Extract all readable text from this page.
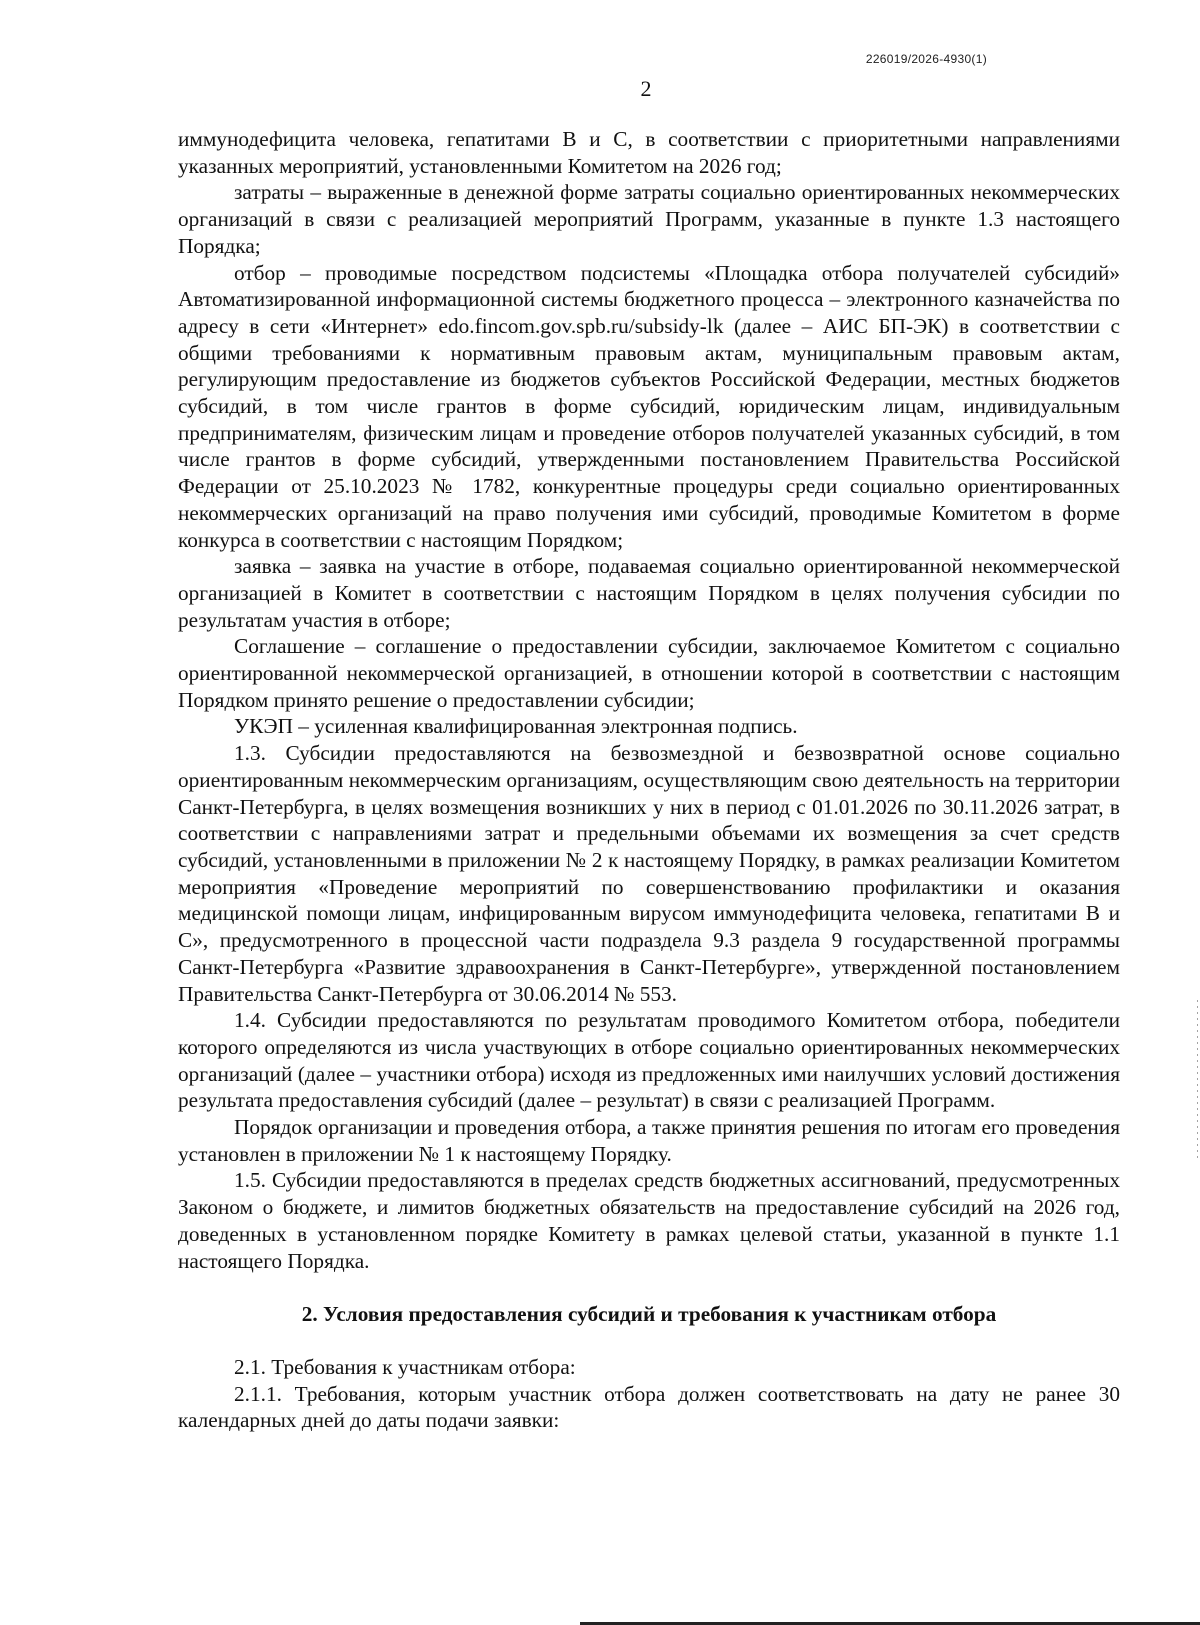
226019/2026-4930(1)
2

иммунодефицита человека, гепатитами В и С, в соответствии с приоритетными направлениями указанных мероприятий, установленными Комитетом на 2026 год;

затраты – выраженные в денежной форме затраты социально ориентированных некоммерческих организаций в связи с реализацией мероприятий Программ, указанные в пункте 1.3 настоящего Порядка;

отбор – проводимые посредством подсистемы «Площадка отбора получателей субсидий» Автоматизированной информационной системы бюджетного процесса – электронного казначейства по адресу в сети «Интернет» edo.fincom.gov.spb.ru/subsidy-lk (далее – АИС БП-ЭК) в соответствии с общими требованиями к нормативным правовым актам, муниципальным правовым актам, регулирующим предоставление из бюджетов субъектов Российской Федерации, местных бюджетов субсидий, в том числе грантов в форме субсидий, юридическим лицам, индивидуальным предпринимателям, физическим лицам и проведение отборов получателей указанных субсидий, в том числе грантов в форме субсидий, утвержденными постановлением Правительства Российской Федерации от 25.10.2023 № 1782, конкурентные процедуры среди социально ориентированных некоммерческих организаций на право получения ими субсидий, проводимые Комитетом в форме конкурса в соответствии с настоящим Порядком;

заявка – заявка на участие в отборе, подаваемая социально ориентированной некоммерческой организацией в Комитет в соответствии с настоящим Порядком в целях получения субсидии по результатам участия в отборе;

Соглашение – соглашение о предоставлении субсидии, заключаемое Комитетом с социально ориентированной некоммерческой организацией, в отношении которой в соответствии с настоящим Порядком принято решение о предоставлении субсидии;

УКЭП – усиленная квалифицированная электронная подпись.

1.3. Субсидии предоставляются на безвозмездной и безвозвратной основе социально ориентированным некоммерческим организациям, осуществляющим свою деятельность на территории Санкт-Петербурга, в целях возмещения возникших у них в период с 01.01.2026 по 30.11.2026 затрат, в соответствии с направлениями затрат и предельными объемами их возмещения за счет средств субсидий, установленными в приложении № 2 к настоящему Порядку, в рамках реализации Комитетом мероприятия «Проведение мероприятий по совершенствованию профилактики и оказания медицинской помощи лицам, инфицированным вирусом иммунодефицита человека, гепатитами В и С», предусмотренного в процессной части подраздела 9.3 раздела 9 государственной программы Санкт-Петербурга «Развитие здравоохранения в Санкт-Петербурге», утвержденной постановлением Правительства Санкт-Петербурга от 30.06.2014 № 553.

1.4. Субсидии предоставляются по результатам проводимого Комитетом отбора, победители которого определяются из числа участвующих в отборе социально ориентированных некоммерческих организаций (далее – участники отбора) исходя из предложенных ими наилучших условий достижения результата предоставления субсидий (далее – результат) в связи с реализацией Программ.

Порядок организации и проведения отбора, а также принятия решения по итогам его проведения установлен в приложении № 1 к настоящему Порядку.

1.5. Субсидии предоставляются в пределах средств бюджетных ассигнований, предусмотренных Законом о бюджете, и лимитов бюджетных обязательств на предоставление субсидий на 2026 год, доведенных в установленном порядке Комитету в рамках целевой статьи, указанной в пункте 1.1 настоящего Порядка.

2. Условия предоставления субсидий и требования к участникам отбора

2.1. Требования к участникам отбора:

2.1.1. Требования, которым участник отбора должен соответствовать на дату не ранее 30 календарных дней до даты подачи заявки:
